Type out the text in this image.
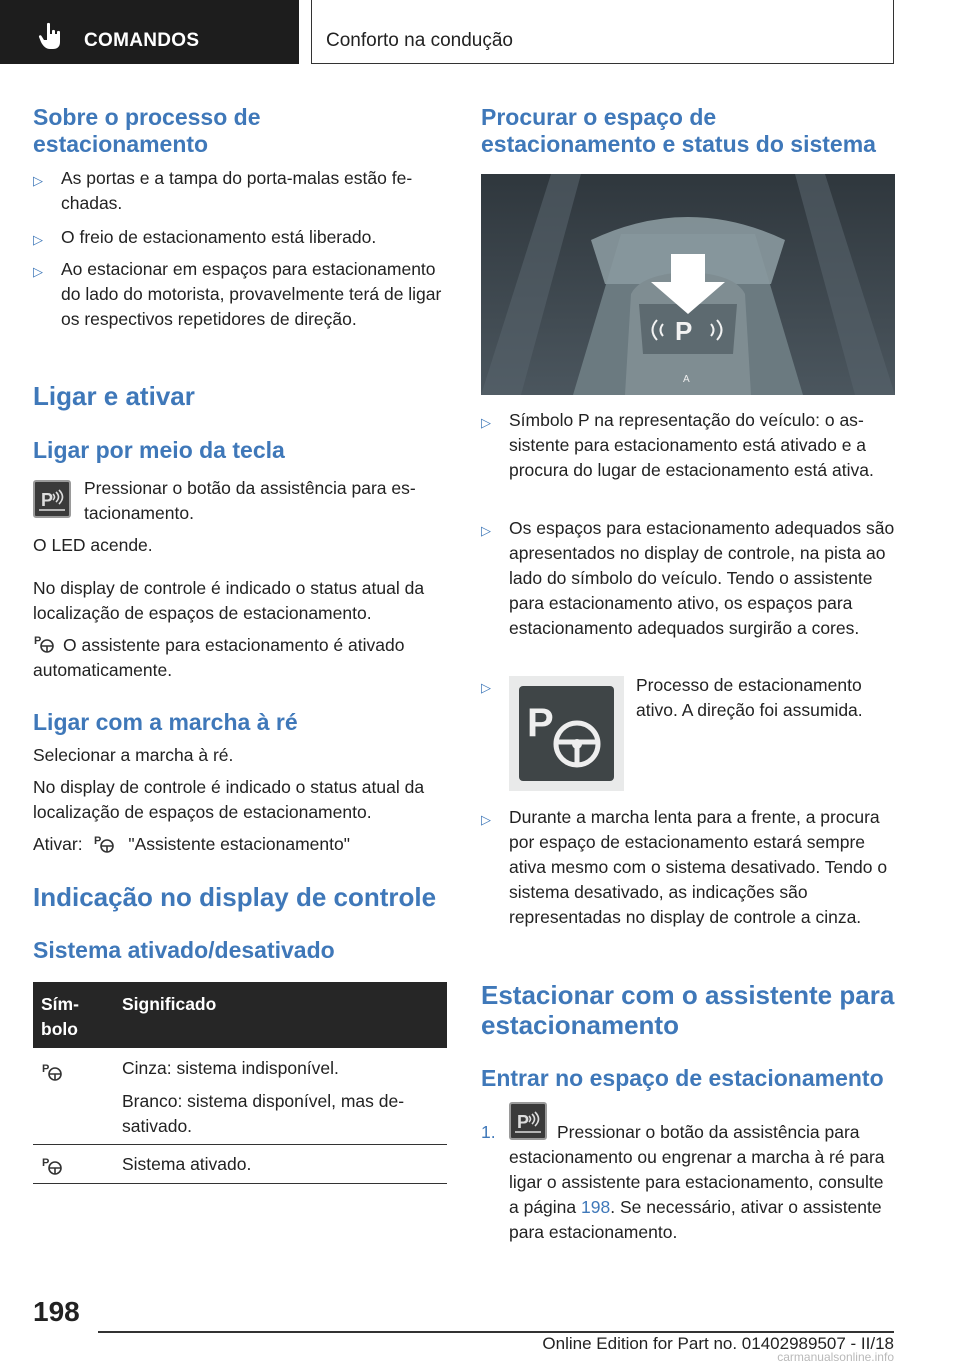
COMANDOS	Conforto na condução
Sobre o processo de estacionamento
▷ As portas e a tampa do porta-malas estão fechadas.
▷ O freio de estacionamento está liberado.
▷ Ao estacionar em espaços para estacionamento do lado do motorista, provavelmente terá de ligar os respectivos repetidores de direção.
Ligar e ativar
Ligar por meio da tecla
P

Pressionar o botão da assistência para estacionamento.

O LED acende.

No display de controle é indicado o status atual da localização de espaços de estacionamento.

P	O assistente para estacionamento é ativado automaticamente.

Ligar com a marcha à ré

Selecionar a marcha à ré.

No display de controle é indicado o status atual da localização de espaços de estacionamento.

Ativar:	"Assistente estacionamento"

P
Indicação no display de controle
Sistema ativado/desativado
Sím-
bolo
Significado
P	Cinza: sistema indisponível.

Branco: sistema disponível, mas desativado.

P	Sistema ativado.

Procurar o espaço de estacionamento e status do sistema
P
A
▷ Símbolo P na representação do veículo: o assistente para estacionamento está ativado e a procura do lugar de estacionamento está ativa.
▷ Os espaços para estacionamento adequados são apresentados no display de controle, na pista ao lado do símbolo do veículo. Tendo o assistente para estacionamento ativo, os espaços para estacionamento adequados surgirão a cores.
▷	Processo de estacionamento ativo. A direção foi assumida.
P
▷ Durante a marcha lenta para a frente, a procura por espaço de estacionamento estará sempre ativa mesmo com o sistema desativado. Tendo o sistema desativado, as indicações são representadas no display de controle a cinza.
Estacionar com o assistente para estacionamento
Entrar no espaço de estacionamento
1. P	Pressionar o botão da assistência para estacionamento ou engrenar a marcha à ré para ligar o assistente para estacionamento, consulte a página 198. Se necessário, ativar o assistente para estacionamento.

198
Online Edition for Part no. 01402989507 - II/18
carmanualsonline.info
